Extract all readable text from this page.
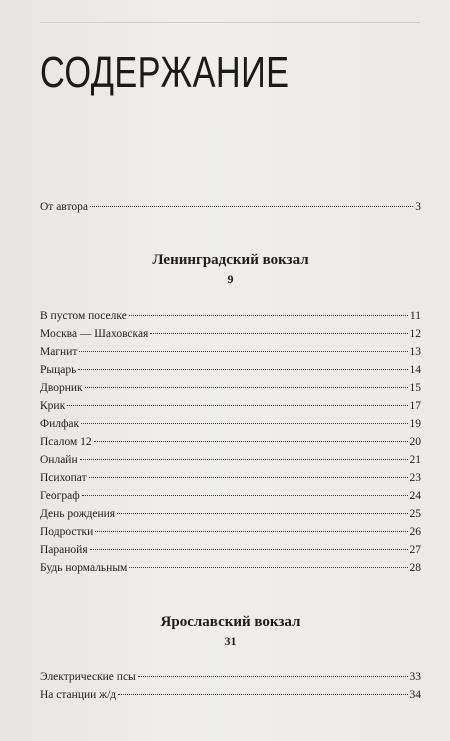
СОДЕРЖАНИЕ
От автора	3
Ленинградский вокзал
9
В пустом поселке	11
Москва — Шаховская	12
Магнит	13
Рыцарь	14
Дворник	15
Крик	17
Филфак	19
Псалом 12	20
Онлайн	21
Психопат	23
Географ	24
День рождения	25
Подростки	26
Паранойя	27
Будь нормальным	28
Ярославский вокзал
31
Электрические псы	33
На станции ж/д	34
